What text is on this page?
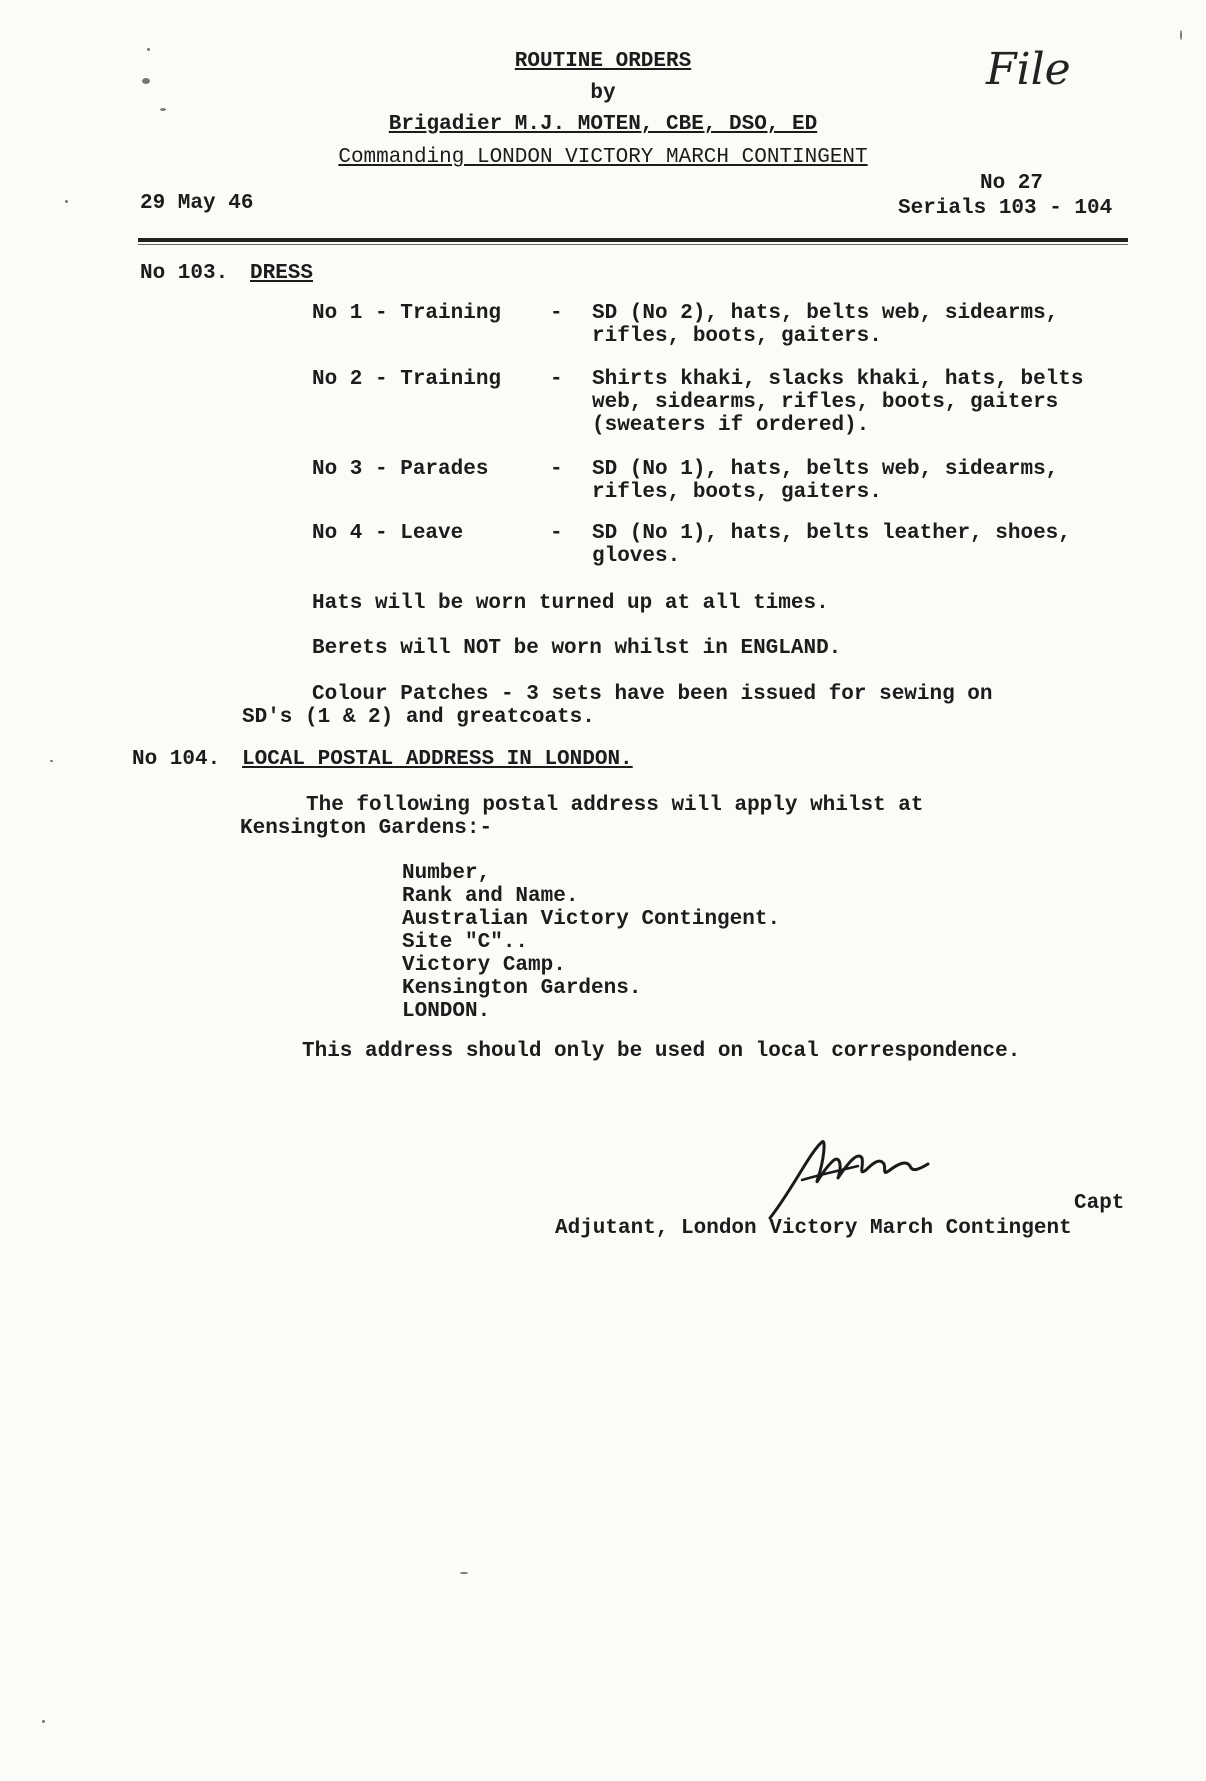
ROUTINE ORDERS
by
Brigadier M.J. MOTEN, CBE, DSO, ED
Commanding LONDON VICTORY MARCH CONTINGENT
File
29 May 46
No 27
Serials 103 - 104
No 103. DRESS
No 1 - Training - SD (No 2), hats, belts web, sidearms,
rifles, boots, gaiters.
No 2 - Training - Shirts khaki, slacks khaki, hats, belts
web, sidearms, rifles, boots, gaiters
(sweaters if ordered).
No 3 - Parades	- SD (No 1), hats, belts web, sidearms,
rifles, boots, gaiters.
No 4 - Leave	- SD (No 1), hats, belts leather, shoes,
gloves.
Hats will be worn turned up at all times.
Berets will NOT be worn whilst in ENGLAND.
Colour Patches - 3 sets have been issued for sewing on
SD's (1 & 2) and greatcoats.
No 104. LOCAL POSTAL ADDRESS IN LONDON.
The following postal address will apply whilst at
Kensington Gardens:-
Number,
Rank and Name.
Australian Victory Contingent.
Site "C"..
Victory Camp.
Kensington Gardens.
LONDON.
This address should only be used on local correspondence.
Capt
Adjutant, London Victory March Contingent
